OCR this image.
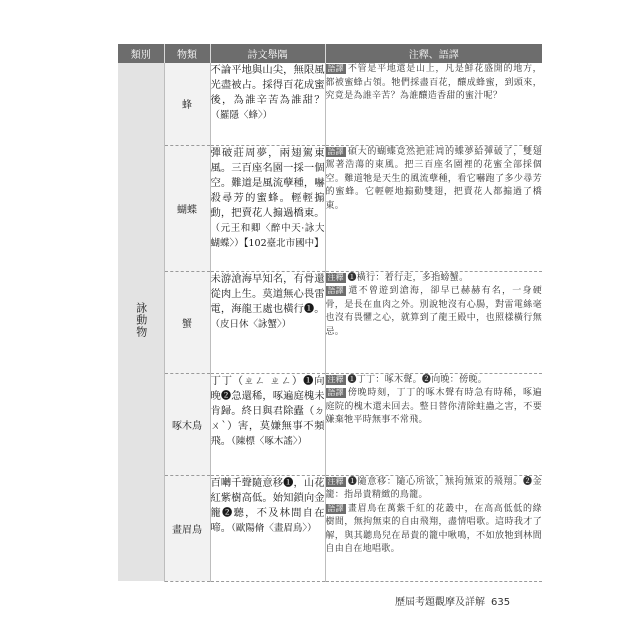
類別	物類	詩文舉隅	注釋、語譯
詠動物	蜂	不論平地與山尖，無限風光盡被占。採得百花成蜜後，為誰辛苦為誰甜？（羅隱〈蜂〉）	語譯 不管是平地還是山上，凡是鮮花盛開的地方，都被蜜蜂占領。牠們採盡百花，釀成蜂蜜，到頭來，究竟是為誰辛苦？為誰釀造香甜的蜜汁呢？

	蝴蝶	彈破莊周夢，兩翅駕東風。三百座名園一採一個空。難道是風流孽種，嚇殺尋芳的蜜蜂。輕輕搧動，把賣花人搧過橋東。（元王和卿〈醉中天·詠大蝴蝶〉）【102臺北市國中】	語譯 碩大的蝴蝶竟然把莊周的蝶夢給彈破了，雙翅駕著浩蕩的東風。把三百座名園裡的花蜜全部採個空。難道牠是天生的風流孽種，看它嚇跑了多少尋芳的蜜蜂。它輕輕地搧動雙翅，把賣花人都搧過了橋東。

	蟹	未游滄海早知名，有骨還從肉上生。莫道無心畏雷電，海龍王處也橫行❶。（皮日休〈詠蟹〉）	注釋 ❶橫行：着行走，多指螃蟹。
語譯 還不曾遊到滄海，卻早已赫赫有名，一身硬骨，是長在血肉之外。別說牠沒有心腸，對雷電絲毫也沒有畏懼之心，就算到了龍王殿中，也照樣橫行無忌。

	啄木鳥	丁丁（ㄓㄥ ㄓㄥ）❶向晚❷急還稀，啄遍庭槐未肯歸。終日與君除蠹（ㄉㄨˋ）害，莫嫌無事不頻飛。（陳標〈啄木謠〉）	注釋 ❶丁丁：啄木聲。❷向晚：傍晚。
語譯 傍晚時刻，丁丁的啄木聲有時急有時稀，啄遍庭院的槐木還未回去。整日替你清除蛀蟲之害，不要嫌棄牠平時無事不常飛。

	畫眉鳥	百囀千聲隨意移❶，山花紅紫樹高低。始知鎖向金籠❷聽，不及林間自在啼。（歐陽脩〈畫眉鳥〉）	注釋 ❶隨意移：隨心所欲，無拘無束的飛翔。❷金籠：指昂貴精緻的鳥籠。
語譯 畫眉鳥在萬紫千紅的花叢中，在高高低低的綠樹間，無拘無束的自由飛翔，盡情唱歌。這時我才了解，與其聽鳥兒在昂貴的籠中啾鳴，不如放牠到林間自由自在地唱歌。
歷屆考題觀摩及詳解 635
